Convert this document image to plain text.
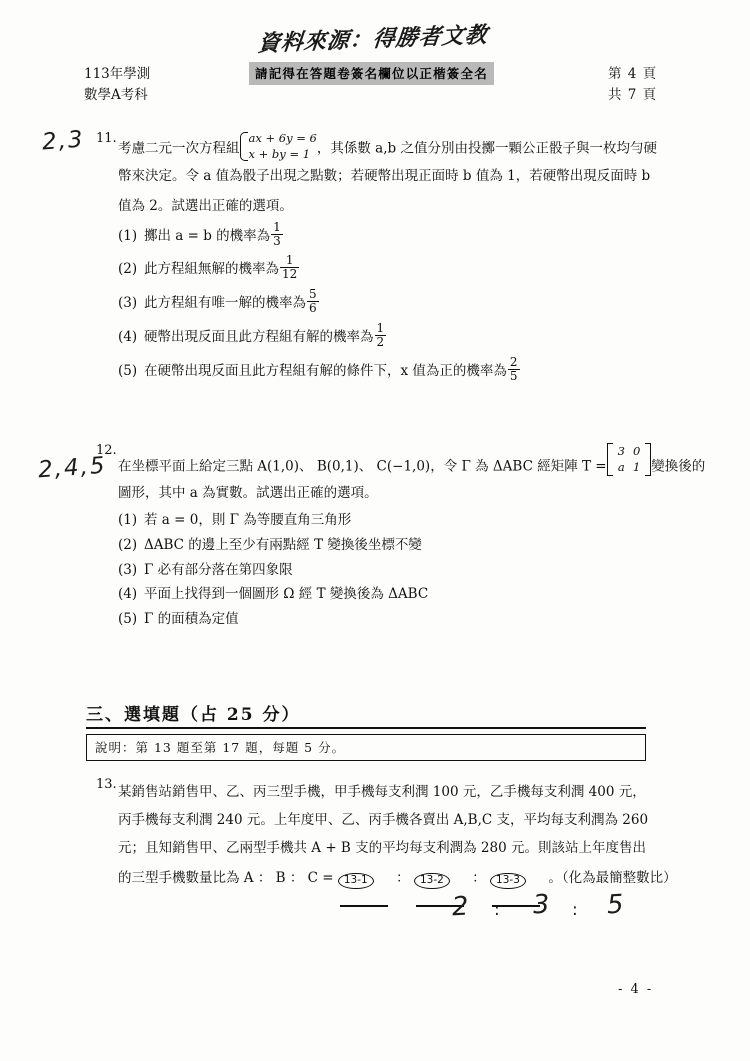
資料來源：得勝者文教
請記得在答題卷簽名欄位以正楷簽全名
113年學測
數學A考科
第 4 頁
共 7 頁
2,3 11.
考慮二元一次方程組
ax + 6y = 6
x + by = 1 ，其係數 a,b 之值分別由投擲一顆公正骰子與一枚均勻硬
幣來決定。令 a 值為骰子出現之點數；若硬幣出現正面時 b 值為 1，若硬幣出現反面時 b
值為 2。試選出正確的選項。
(1) 擲出 a = b 的機率為 $\frac{1}{3}$
(2) 此方程組無解的機率為 $\frac{1}{12}$
(3) 此方程組有唯一解的機率為 $\frac{5}{6}$
(4) 硬幣出現反面且此方程組有解的機率為 $\frac{1}{2}$
(5) 在硬幣出現反面且此方程組有解的條件下，x 值為正的機率為 $\frac{2}{5}$
2,4,5
12.
在坐標平面上給定三點 A(1,0)、 B(0,1)、 C(−1,0)，令 Γ 為 ΔABC 經矩陣 T =
3	0
a	1 變換後的
圖形，其中 a 為實數。試選出正確的選項。
(1) 若 a = 0，則 Γ 為等腰直角三角形
(2) ΔABC 的邊上至少有兩點經 T 變換後坐標不變
(3) Γ 必有部分落在第四象限
(4) 平面上找得到一個圖形 Ω 經 T 變換後為 ΔABC
(5) Γ 的面積為定值
三、選填題（占 25 分）
說明：第 13 題至第 17 題，每題 5 分。
13. 某銷售站銷售甲、乙、丙三型手機，甲手機每支利潤 100 元，乙手機每支利潤 400 元，
丙手機每支利潤 240 元。上年度甲、乙、丙手機各賣出 A,B,C 支，平均每支利潤為 260
元；且知銷售甲、乙兩型手機共 A + B 支的平均每支利潤為 280 元。則該站上年度售出
的三型手機數量比為 A ： B ： C = 13-1 ： 13-2 ： 13-3 。（化為最簡整數比）
2 : 3 : 5
- 4 -
